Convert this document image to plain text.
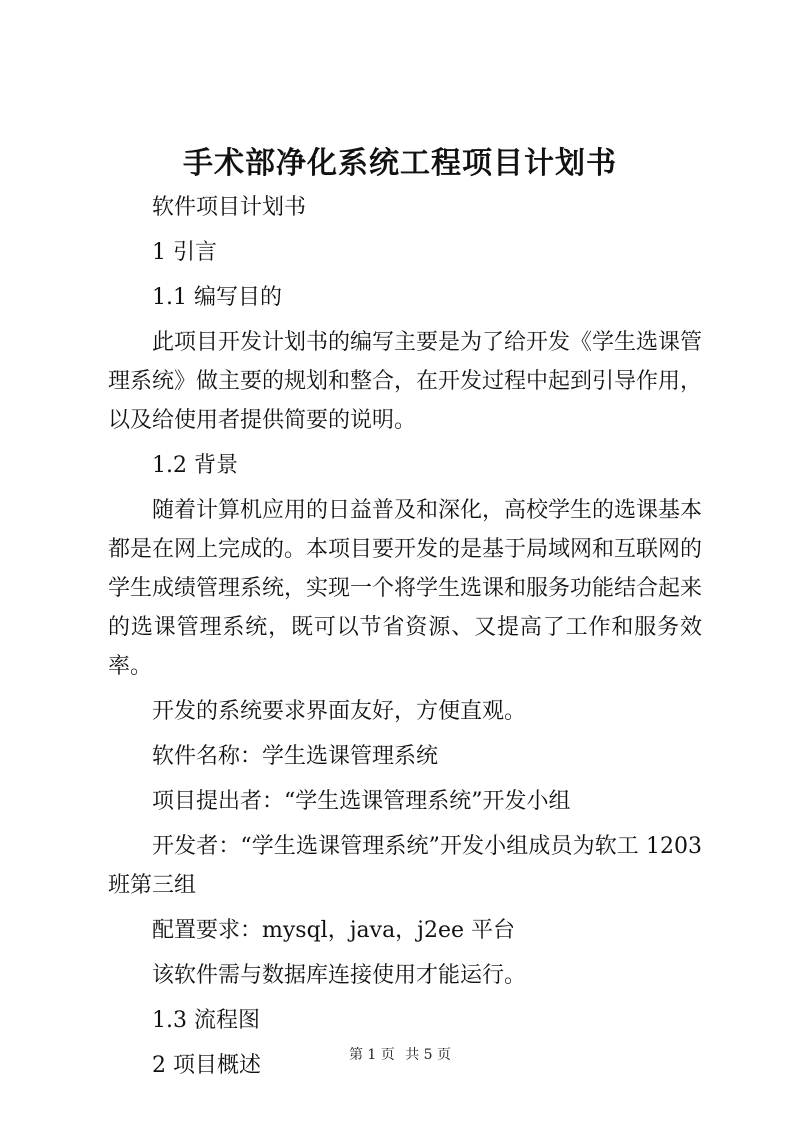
手术部净化系统工程项目计划书

软件项目计划书

1 引言

1.1 编写目的

此项目开发计划书的编写主要是为了给开发《学生选课管理系统》做主要的规划和整合，在开发过程中起到引导作用，以及给使用者提供简要的说明。

1.2 背景

随着计算机应用的日益普及和深化，高校学生的选课基本都是在网上完成的。本项目要开发的是基于局域网和互联网的学生成绩管理系统，实现一个将学生选课和服务功能结合起来的选课管理系统，既可以节省资源、又提高了工作和服务效率。

开发的系统要求界面友好，方便直观。

软件名称：学生选课管理系统

项目提出者：“学生选课管理系统”开发小组

开发者：“学生选课管理系统”开发小组成员为软工 1203 班第三组

配置要求：mysql，java，j2ee 平台

该软件需与数据库连接使用才能运行。

1.3 流程图

2 项目概述	第 1 页 共 5 页
